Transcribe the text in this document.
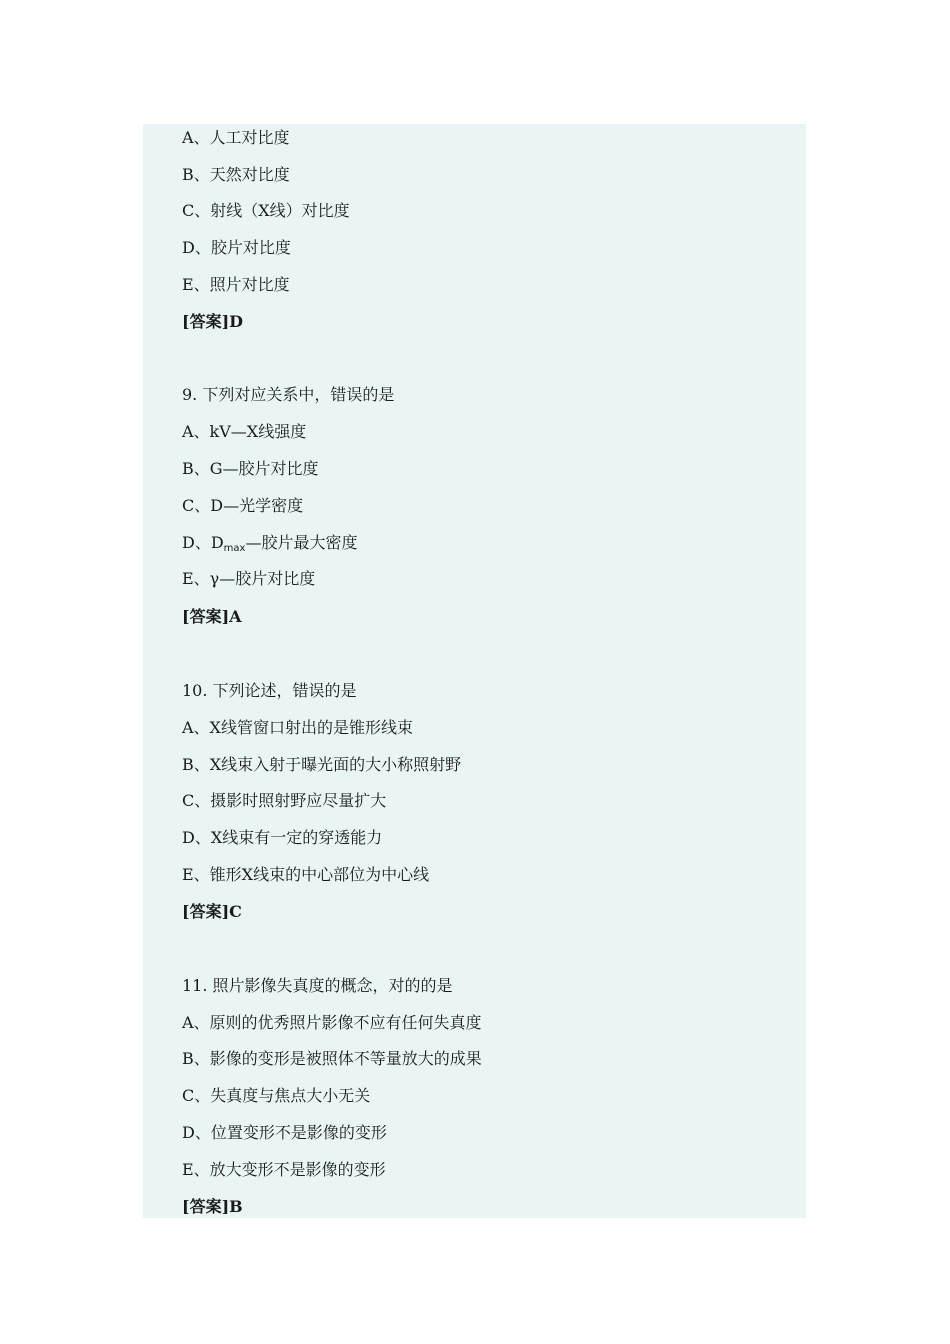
A、人工对比度
B、天然对比度
C、射线（X线）对比度
D、胶片对比度
E、照片对比度
[答案]D
9. 下列对应关系中，错误的是
A、kV—X线强度
B、G—胶片对比度
C、D—光学密度
D、$D_{max}—$胶片最大密度
E、γ—胶片对比度
[答案]A
10. 下列论述，错误的是
A、X线管窗口射出的是锥形线束
B、X线束入射于曝光面的大小称照射野
C、摄影时照射野应尽量扩大
D、X线束有一定的穿透能力
E、锥形X线束的中心部位为中心线
[答案]C
11. 照片影像失真度的概念，对的的是
A、原则的优秀照片影像不应有任何失真度
B、影像的变形是被照体不等量放大的成果
C、失真度与焦点大小无关
D、位置变形不是影像的变形
E、放大变形不是影像的变形
[答案]B
